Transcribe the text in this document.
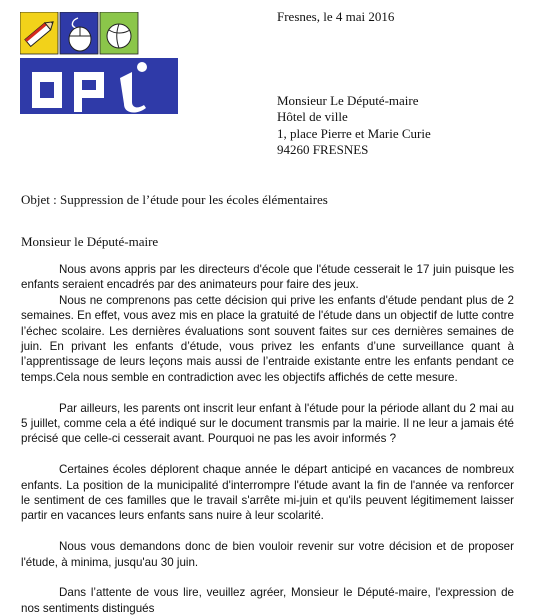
Fresnes, le 4 mai 2016
Monsieur Le Député-maire
Hôtel de ville
1, place Pierre et Marie Curie
94260 FRESNES
Objet : Suppression de l’étude pour les écoles élémentaires
Monsieur le Député-maire

Nous avons appris par les directeurs d'école que l'étude cesserait le 17 juin puisque les enfants seraient encadrés par des animateurs pour faire des jeux.

Nous ne comprenons pas cette décision qui prive les enfants d'étude pendant plus de 2 semaines. En effet, vous avez mis en place la gratuité de l'étude dans un objectif de lutte contre l’échec scolaire. Les dernières évaluations sont souvent faites sur ces dernières semaines de juin. En privant les enfants d’étude, vous privez les enfants d’une surveillance quant à l’apprentissage de leurs leçons mais aussi de l’entraide existante entre les enfants pendant ce temps.Cela nous semble en contradiction avec les objectifs affichés de cette mesure.

Par ailleurs, les parents ont inscrit leur enfant à l'étude pour la période allant du 2 mai au 5 juillet, comme cela a été indiqué sur le document transmis par la mairie. Il ne leur a jamais été précisé que celle-ci cesserait avant. Pourquoi ne pas les avoir informés ?

Certaines écoles déplorent chaque année le départ anticipé en vacances de nombreux enfants. La position de la municipalité d'interrompre l'étude avant la fin de l'année va renforcer le sentiment de ces familles que le travail s'arrête mi-juin et qu'ils peuvent légitimement laisser partir en vacances leurs enfants sans nuire à leur scolarité.

Nous vous demandons donc de bien vouloir revenir sur votre décision et de proposer l'étude, à minima, jusqu'au 30 juin.

Dans l’attente de vous lire, veuillez agréer, Monsieur le Député-maire, l'expression de nos sentiments distingués
